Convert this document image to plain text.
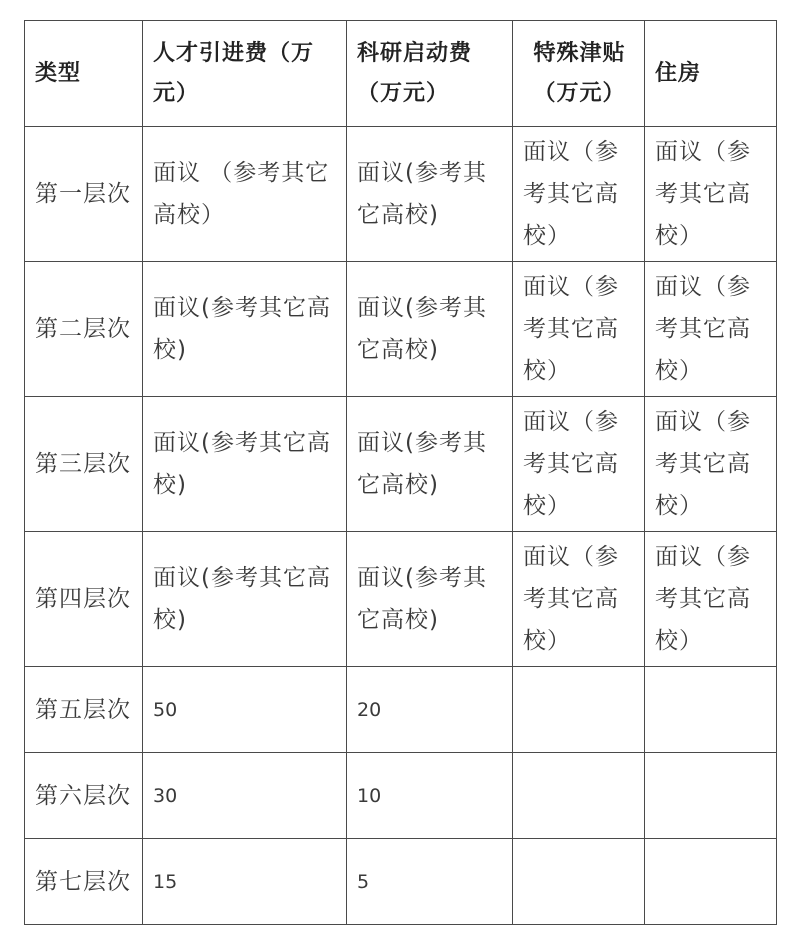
类型	人才引进费（万元）	科研启动费（万元）	特殊津贴（万元）	住房
第一层次	面议 （参考其它高校）	面议(参考其它高校)	面议（参考其它高校）	面议（参考其它高校）
第二层次	面议(参考其它高校)	面议(参考其它高校)	面议（参考其它高校）	面议（参考其它高校）
第三层次	面议(参考其它高校)	面议(参考其它高校)	面议（参考其它高校）	面议（参考其它高校）
第四层次	面议(参考其它高校)	面议(参考其它高校)	面议（参考其它高校）	面议（参考其它高校）
第五层次	50	20		
第六层次	30	10		
第七层次	15	5		
